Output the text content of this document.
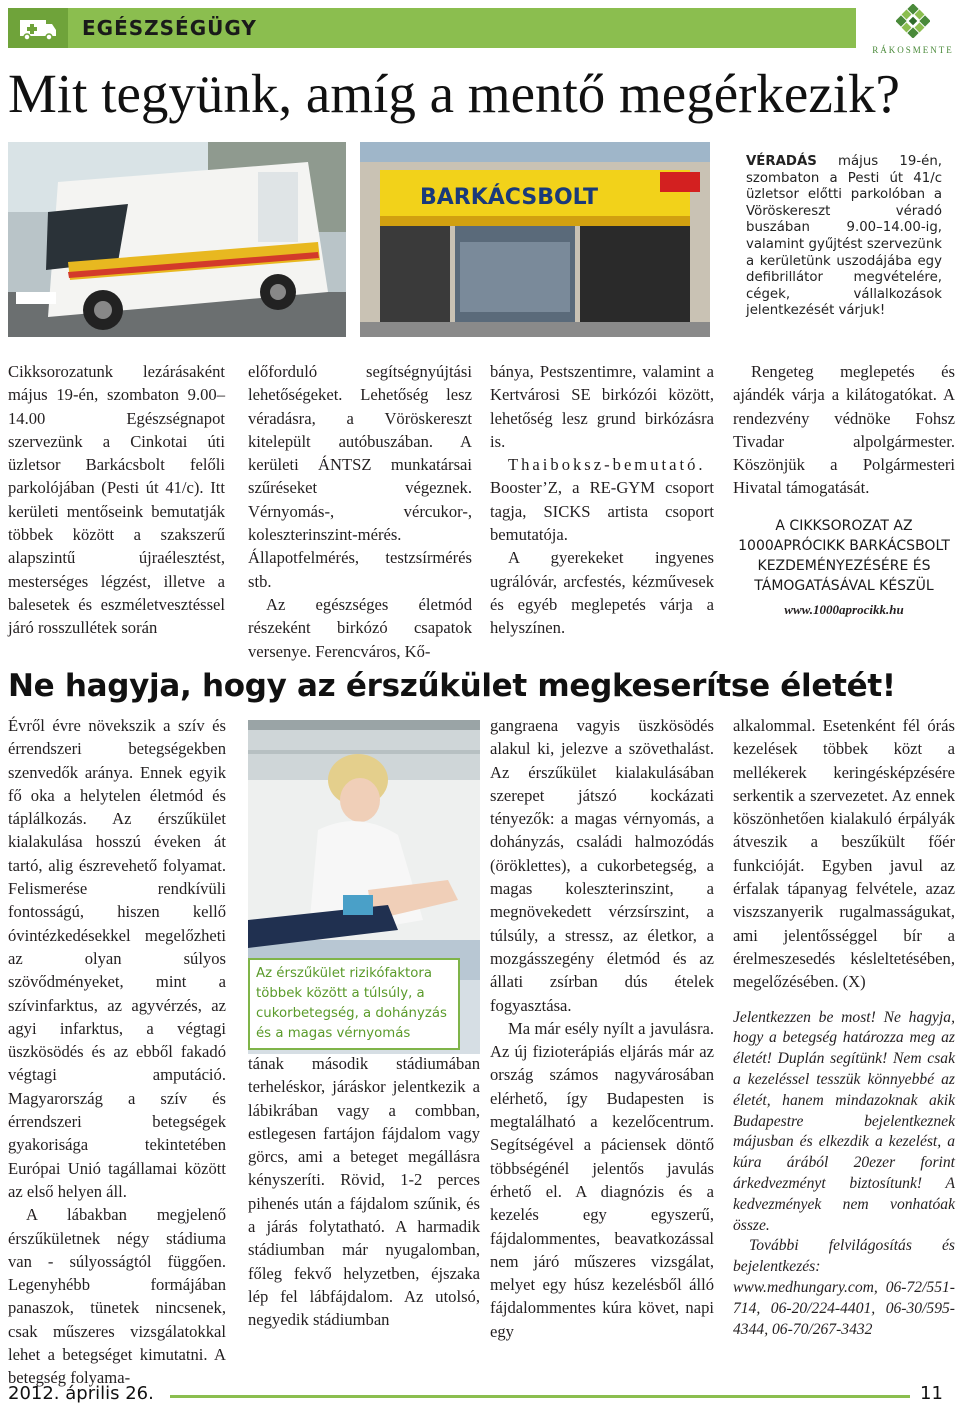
EGÉSZSÉGÜGY
RÁKOSMENTE
Mit tegyünk, amíg a mentő megérkezik?
BARKÁCSBOLT
VÉRADÁS május 19-én, szombaton a Pesti út 41/c üzletsor előtti parkolóban a Vöröskereszt véradó buszában 9.00–14.00-ig, valamint gyűjtést szervezünk a kerületünk uszodájába egy defibrillátor megvételére, cégek, vállalkozások jelentkezését várjuk!

Cikksorozatunk lezárásaként május 19-én, szombaton 9.00–14.00 Egészségnapot szervezünk a Cinkotai úti üzletsor Barkácsbolt felőli parkolójában (Pesti út 41/c). Itt kerületi mentőseink bemutatják többek között a szakszerű alapszintű újraélesztést, mesterséges légzést, illetve a balesetek és eszméletvesztéssel járó rosszullétek során

előforduló segítségnyújtási lehetőségeket. Lehetőség lesz véradásra, a Vöröskereszt kitelepült autóbuszában. A kerületi ÁNTSZ munkatársai szűréseket végeznek. Vérnyomás-, vércukor-, koleszterinszint-mérés. Állapotfelmérés, testzsírmérés stb.

Az egészséges életmód részeként birkózó csapatok versenye. Ferencváros, Kő-

bánya, Pestszentimre, valamint a Kertvárosi SE birkózói között, lehetőség lesz grund birkózásra is.

Thaiboksz-bemutató. Booster’Z, a RE-GYM csoport tagja, SICKS artista csoport bemutatója.

A gyerekeket ingyenes ugrálóvár, arcfestés, kézművesek és egyéb meglepetés várja a helyszínen.

Rengeteg meglepetés és ajándék várja a kilátogatókat. A rendezvény védnöke Fohsz Tivadar alpolgármester. Köszönjük a Polgármesteri Hivatal támogatását.

A CIKKSOROZAT AZ 1000APRÓCIKK BARKÁCSBOLT KEZDEMÉNYEZÉSÉRE ÉS TÁMOGATÁSÁVAL KÉSZÜL
www.1000aprocikk.hu
Ne hagyja, hogy az érszűkület megkeserítse életét!

Évről évre növekszik a szív és érrendszeri betegségekben szenvedők aránya. Ennek egyik fő oka a helytelen életmód és táplálkozás. Az érszűkület kialakulása hosszú éveken át tartó, alig észrevehető folyamat. Felismerése rendkívüli fontosságú, hiszen kellő óvintézkedésekkel megelőzheti az olyan súlyos szövődményeket, mint a szívinfarktus, az agyvérzés, az agyi infarktus, a végtagi üszkösödés és az ebből fakadó végtagi amputáció. Magyarország a szív és érrendszeri betegségek gyakorisága tekintetében Európai Unió tagállamai között az első helyen áll.

A lábakban megjelenő érszűkületnek négy stádiuma van - súlyosságtól függően. Legenyhébb formájában panaszok, tünetek nincsenek, csak műszeres vizsgálatokkal lehet a betegséget kimutatni. A betegség folyama-

Az érszűkület rizikófaktora többek között a túlsúly, a cukorbetegség, a dohányzás és a magas vérnyomás

tának második stádiumában terheléskor, járáskor jelentkezik a lábikrában vagy a combban, estlegesen fartájon fájdalom vagy görcs, ami a beteget megállásra kényszeríti. Rövid, 1-2 perces pihenés után a fájdalom szűnik, és a járás folytatható. A harmadik stádiumban már nyugalomban, főleg fekvő helyzetben, éjszaka lép fel lábfájdalom. Az utolsó, negyedik stádiumban

gangraena vagyis üszkösödés alakul ki, jelezve a szövethalást. Az érszűkület kialakulásában szerepet játszó kockázati tényezők: a magas vérnyomás, a dohányzás, családi halmozódás (öröklettes), a cukorbetegség, a magas koleszterinszint, a megnövekedett vérzsírszint, a túlsúly, a stressz, az életkor, a mozgásszegény életmód és az állati zsírban dús ételek fogyasztása.

Ma már esély nyílt a javulásra. Az új fizioterápiás eljárás már az ország számos nagyvárosában elérhető, így Budapesten is megtalálható a kezelőcentrum. Segítségével a páciensek döntő többségénél jelentős javulás érhető el. A diagnózis és a kezelés egy egyszerű, fájdalommentes, beavatkozással nem járó műszeres vizsgálat, melyet egy húsz kezelésből álló fájdalommentes kúra követ, napi egy

alkalommal. Esetenként fél órás kezelések többek közt a mellékerek keringésképzésére serkentik a szervezetet. Az ennek köszönhetően kialakuló érpályák átveszik a beszűkült főér funkcióját. Egyben javul az érfalak tápanyag felvétele, azaz viszszanyerik rugalmasságukat, ami jelentősséggel bír a érelmeszesedés késleltetésében, megelőzésében. (X)

Jelentkezzen be most! Ne hagyja, hogy a betegség határozza meg az életét! Duplán segítünk! Nem csak a kezeléssel tesszük könnyebbé az életét, hanem mindazoknak akik Budapestre bejelentkeznek májusban és elkezdik a kezelést, a kúra árából 20ezer forint árkedvezményt biztosítunk! A kedvezmények nem vonhatóak össze.

További felvilágosítás és bejelentkezés: www.medhungary.com, 06-72/551-714, 06-20/224-4401, 06-30/595-4344, 06-70/267-3432

2012. április 26.	11
